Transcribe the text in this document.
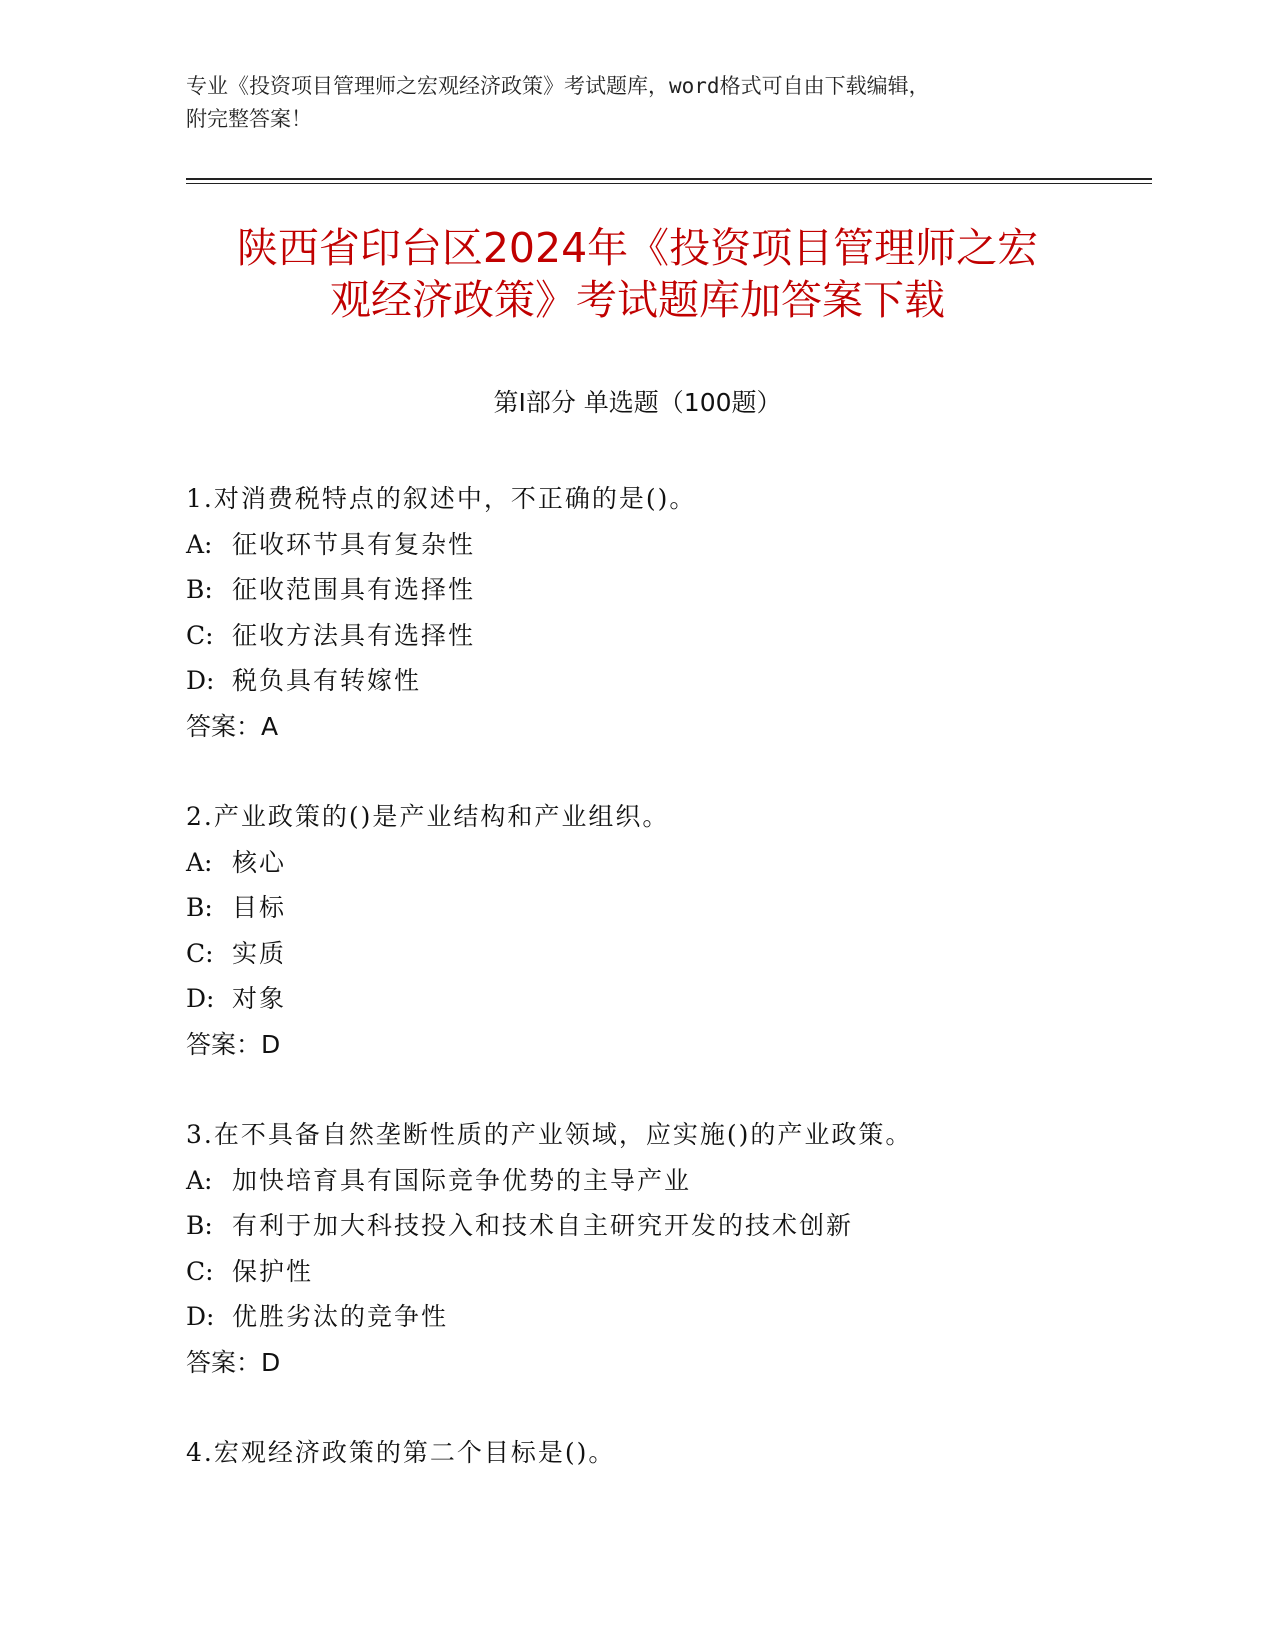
专业《投资项目管理师之宏观经济政策》考试题库，word格式可自由下载编辑，
附完整答案！
陕西省印台区2024年《投资项目管理师之宏
观经济政策》考试题库加答案下载
第Ⅰ部分 单选题（100题）
1.对消费税特点的叙述中，不正确的是()。
A: 征收环节具有复杂性
B: 征收范围具有选择性
C: 征收方法具有选择性
D: 税负具有转嫁性
答案：A
2.产业政策的()是产业结构和产业组织。
A: 核心
B: 目标
C: 实质
D: 对象
答案：D
3.在不具备自然垄断性质的产业领域，应实施()的产业政策。
A: 加快培育具有国际竞争优势的主导产业
B: 有利于加大科技投入和技术自主研究开发的技术创新
C: 保护性
D: 优胜劣汰的竞争性
答案：D
4.宏观经济政策的第二个目标是()。
